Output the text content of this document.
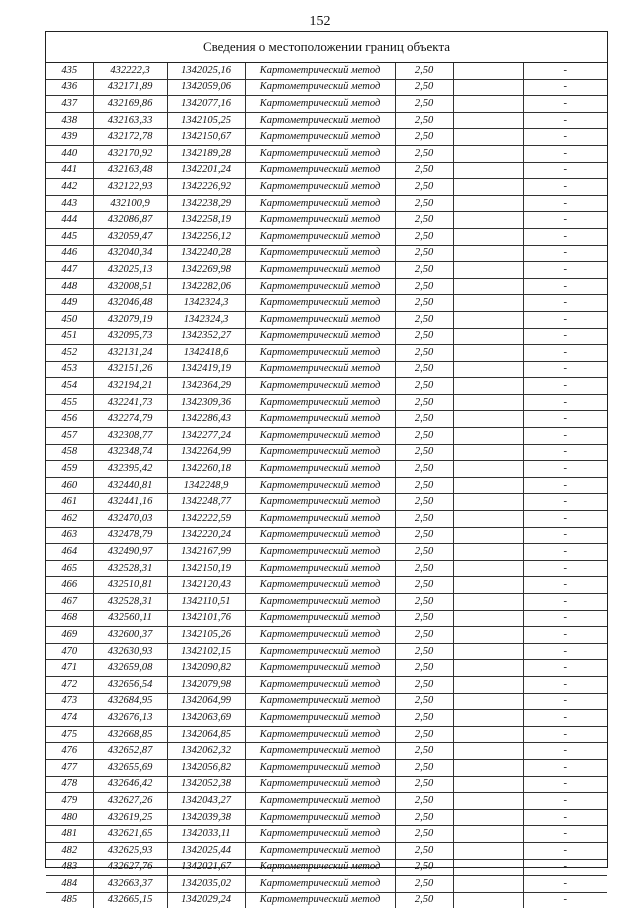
152
Сведения о местоположении границ объекта
435	432222,3	1342025,16	Картометрический метод	2,50		-
436	432171,89	1342059,06	Картометрический метод	2,50		-
437	432169,86	1342077,16	Картометрический метод	2,50		-
438	432163,33	1342105,25	Картометрический метод	2,50		-
439	432172,78	1342150,67	Картометрический метод	2,50		-
440	432170,92	1342189,28	Картометрический метод	2,50		-
441	432163,48	1342201,24	Картометрический метод	2,50		-
442	432122,93	1342226,92	Картометрический метод	2,50		-
443	432100,9	1342238,29	Картометрический метод	2,50		-
444	432086,87	1342258,19	Картометрический метод	2,50		-
445	432059,47	1342256,12	Картометрический метод	2,50		-
446	432040,34	1342240,28	Картометрический метод	2,50		-
447	432025,13	1342269,98	Картометрический метод	2,50		-
448	432008,51	1342282,06	Картометрический метод	2,50		-
449	432046,48	1342324,3	Картометрический метод	2,50		-
450	432079,19	1342324,3	Картометрический метод	2,50		-
451	432095,73	1342352,27	Картометрический метод	2,50		-
452	432131,24	1342418,6	Картометрический метод	2,50		-
453	432151,26	1342419,19	Картометрический метод	2,50		-
454	432194,21	1342364,29	Картометрический метод	2,50		-
455	432241,73	1342309,36	Картометрический метод	2,50		-
456	432274,79	1342286,43	Картометрический метод	2,50		-
457	432308,77	1342277,24	Картометрический метод	2,50		-
458	432348,74	1342264,99	Картометрический метод	2,50		-
459	432395,42	1342260,18	Картометрический метод	2,50		-
460	432440,81	1342248,9	Картометрический метод	2,50		-
461	432441,16	1342248,77	Картометрический метод	2,50		-
462	432470,03	1342222,59	Картометрический метод	2,50		-
463	432478,79	1342220,24	Картометрический метод	2,50		-
464	432490,97	1342167,99	Картометрический метод	2,50		-
465	432528,31	1342150,19	Картометрический метод	2,50		-
466	432510,81	1342120,43	Картометрический метод	2,50		-
467	432528,31	1342110,51	Картометрический метод	2,50		-
468	432560,11	1342101,76	Картометрический метод	2,50		-
469	432600,37	1342105,26	Картометрический метод	2,50		-
470	432630,93	1342102,15	Картометрический метод	2,50		-
471	432659,08	1342090,82	Картометрический метод	2,50		-
472	432656,54	1342079,98	Картометрический метод	2,50		-
473	432684,95	1342064,99	Картометрический метод	2,50		-
474	432676,13	1342063,69	Картометрический метод	2,50		-
475	432668,85	1342064,85	Картометрический метод	2,50		-
476	432652,87	1342062,32	Картометрический метод	2,50		-
477	432655,69	1342056,82	Картометрический метод	2,50		-
478	432646,42	1342052,38	Картометрический метод	2,50		-
479	432627,26	1342043,27	Картометрический метод	2,50		-
480	432619,25	1342039,38	Картометрический метод	2,50		-
481	432621,65	1342033,11	Картометрический метод	2,50		-
482	432625,93	1342025,44	Картометрический метод	2,50		-
483	432627,76	1342021,67	Картометрический метод	2,50		-
484	432663,37	1342035,02	Картометрический метод	2,50		-
485	432665,15	1342029,24	Картометрический метод	2,50		-
